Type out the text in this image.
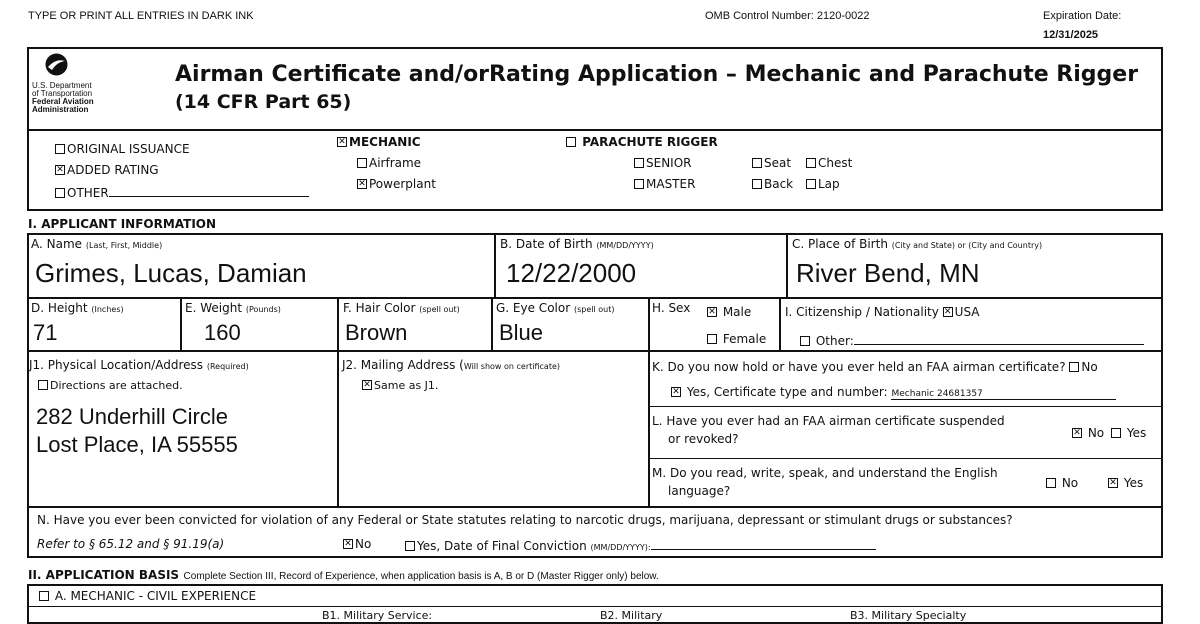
TYPE OR PRINT ALL ENTRIES IN DARK INK	OMB Control Number: 2120-0022	Expiration Date:
12/31/2025
U.S. Department
of Transportation
Federal Aviation
Administration
Airman Certificate and/orRating Application – Mechanic and Parachute Rigger
(14 CFR Part 65)
ORIGINAL ISSUANCE
✕ADDED RATING
OTHER
✕MECHANIC
Airframe
✕Powerplant
PARACHUTE RIGGER
SENIOR
MASTER
Seat	Chest
Back	Lap
I. APPLICANT INFORMATION
A. Name (Last, First, Middle)
Grimes, Lucas, Damian
B. Date of Birth (MM/DD/YYYY)
12/22/2000
C. Place of Birth (City and State) or (City and Country)
River Bend, MN
D. Height (Inches)
71
E. Weight (Pounds)
160
F. Hair Color (spell out)
Brown
G. Eye Color (spell out)
Blue
H. Sex ✕	Male
Female
I. Citizenship / Nationality ✕ USA
Other:
J1. Physical Location/Address (Required)
Directions are attached.
282 Underhill Circle
Lost Place, IA 55555
J2. Mailing Address (Will show on certificate)
✕Same as J1.
K. Do you now hold or have you ever held an FAA airman certificate? No
✕ Yes, Certificate type and number: Mechanic 24681357
L. Have you ever had an FAA airman certificate suspended
or revoked? ✕	No	Yes
M. Do you read, write, speak, and understand the English
language?
No ✕	Yes
N. Have you ever been convicted for violation of any Federal or State statutes relating to narcotic drugs, marijuana, depressant or stimulant drugs or substances?
Refer to § 65.12 and § 91.19(a) ✕	No	Yes, Date of Final Conviction (MM/DD/YYYY):
II. APPLICATION BASIS Complete Section III, Record of Experience, when application basis is A, B or D (Master Rigger only) below.
A. MECHANIC - CIVIL EXPERIENCE
B1. Military Service:	B2. Military	B3. Military Specialty
